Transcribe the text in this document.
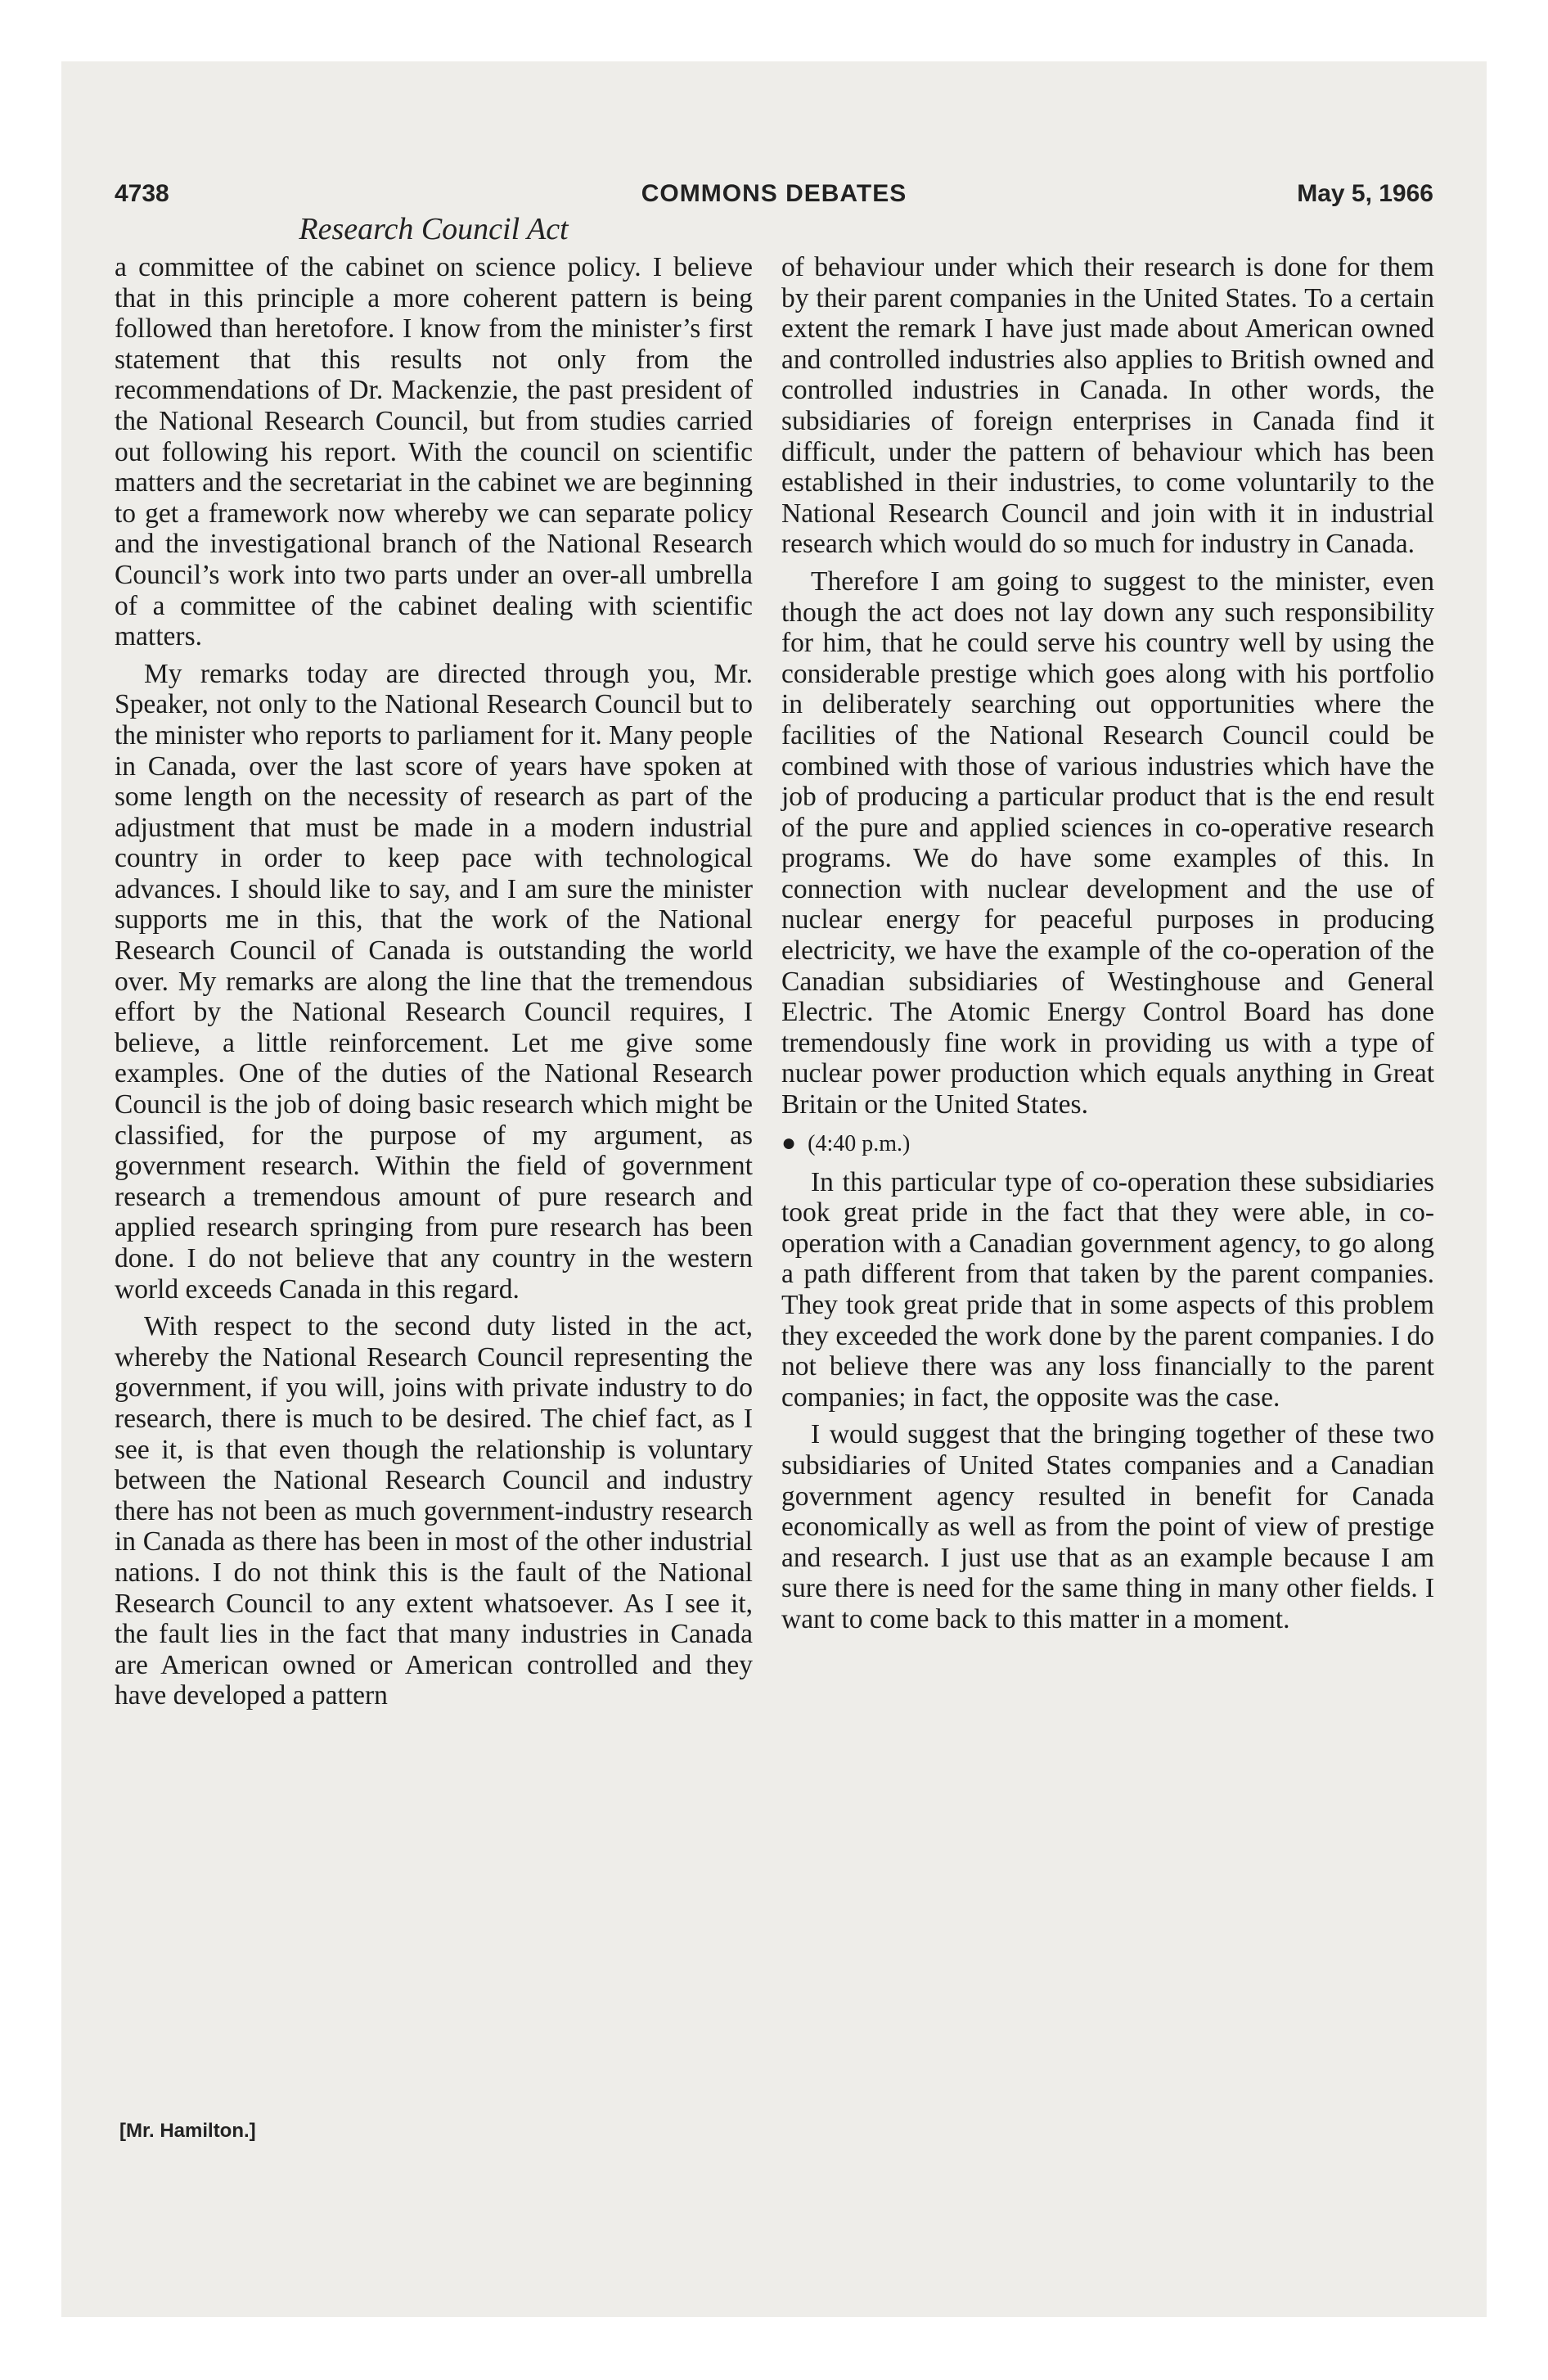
4738	COMMONS DEBATES	May 5, 1966
Research Council Act

a committee of the cabinet on science policy. I believe that in this principle a more coherent pattern is being followed than heretofore. I know from the minister’s first statement that this results not only from the recommendations of Dr. Mackenzie, the past president of the National Research Council, but from studies carried out following his report. With the council on scientific matters and the secretariat in the cabinet we are beginning to get a framework now whereby we can separate policy and the investigational branch of the National Research Council’s work into two parts under an over-all umbrella of a committee of the cabinet dealing with scientific matters.

My remarks today are directed through you, Mr. Speaker, not only to the National Research Council but to the minister who reports to parliament for it. Many people in Canada, over the last score of years have spoken at some length on the necessity of research as part of the adjustment that must be made in a modern industrial country in order to keep pace with technological advances. I should like to say, and I am sure the minister supports me in this, that the work of the National Research Council of Canada is outstanding the world over. My remarks are along the line that the tremendous effort by the National Research Council requires, I believe, a little reinforcement. Let me give some examples. One of the duties of the National Research Council is the job of doing basic research which might be classified, for the purpose of my argument, as government research. Within the field of government research a tremendous amount of pure research and applied research springing from pure research has been done. I do not believe that any country in the western world exceeds Canada in this regard.

With respect to the second duty listed in the act, whereby the National Research Council representing the government, if you will, joins with private industry to do research, there is much to be desired. The chief fact, as I see it, is that even though the relationship is voluntary between the National Research Council and industry there has not been as much government-industry research in Canada as there has been in most of the other industrial nations. I do not think this is the fault of the National Research Council to any extent whatsoever. As I see it, the fault lies in the fact that many industries in Canada are American owned or American controlled and they have developed a pattern

of behaviour under which their research is done for them by their parent companies in the United States. To a certain extent the remark I have just made about American owned and controlled industries also applies to British owned and controlled industries in Canada. In other words, the subsidiaries of foreign enterprises in Canada find it difficult, under the pattern of behaviour which has been established in their industries, to come voluntarily to the National Research Council and join with it in industrial research which would do so much for industry in Canada.

Therefore I am going to suggest to the minister, even though the act does not lay down any such responsibility for him, that he could serve his country well by using the considerable prestige which goes along with his portfolio in deliberately searching out opportunities where the facilities of the National Research Council could be combined with those of various industries which have the job of producing a particular product that is the end result of the pure and applied sciences in co-operative research programs. We do have some examples of this. In connection with nuclear development and the use of nuclear energy for peaceful purposes in producing electricity, we have the example of the co-operation of the Canadian subsidiaries of Westinghouse and General Electric. The Atomic Energy Control Board has done tremendously fine work in providing us with a type of nuclear power production which equals anything in Great Britain or the United States.

● (4:40 p.m.)

In this particular type of co-operation these subsidiaries took great pride in the fact that they were able, in co-operation with a Canadian government agency, to go along a path different from that taken by the parent companies. They took great pride that in some aspects of this problem they exceeded the work done by the parent companies. I do not believe there was any loss financially to the parent companies; in fact, the opposite was the case.

I would suggest that the bringing together of these two subsidiaries of United States companies and a Canadian government agency resulted in benefit for Canada economically as well as from the point of view of prestige and research. I just use that as an example because I am sure there is need for the same thing in many other fields. I want to come back to this matter in a moment.

[Mr. Hamilton.]
